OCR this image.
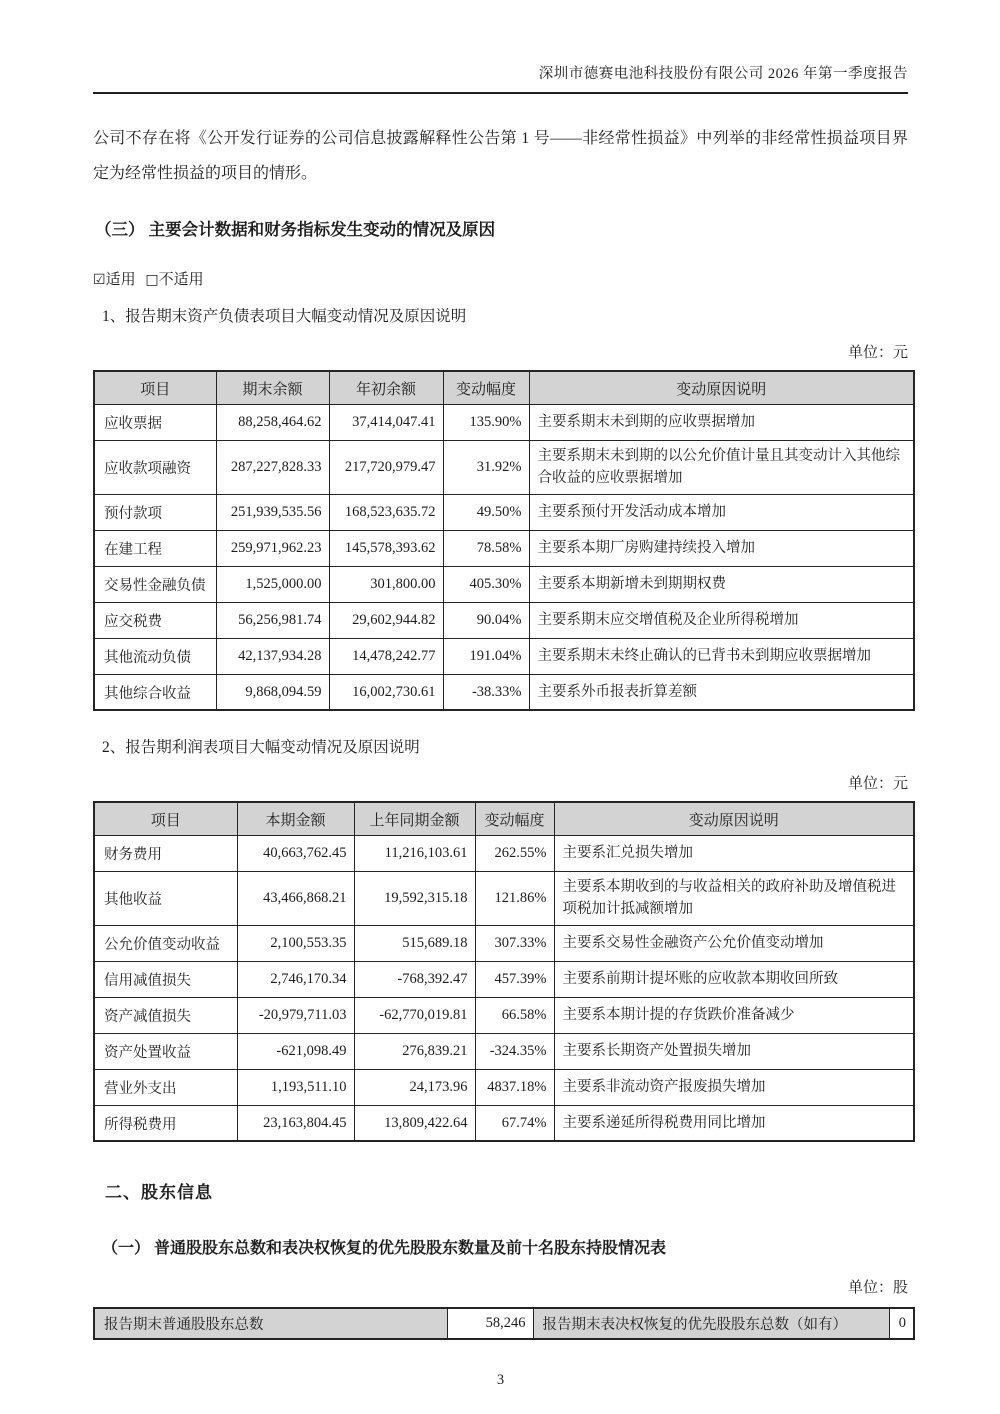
深圳市德赛电池科技股份有限公司 2026 年第一季度报告

公司不存在将《公开发行证券的公司信息披露解释性公告第 1 号——非经常性损益》中列举的非经常性损益项目界定为经常性损益的项目的情形。

（三） 主要会计数据和财务指标发生变动的情况及原因
☑适用 □不适用
1、报告期末资产负债表项目大幅变动情况及原因说明
单位：元
项目	期末余额	年初余额	变动幅度	变动原因说明
应收票据	88,258,464.62	37,414,047.41	135.90%	主要系期末未到期的应收票据增加
应收款项融资	287,227,828.33	217,720,979.47	31.92%	主要系期末未到期的以公允价值计量且其变动计入其他综合收益的应收票据增加
预付款项	251,939,535.56	168,523,635.72	49.50%	主要系预付开发活动成本增加
在建工程	259,971,962.23	145,578,393.62	78.58%	主要系本期厂房购建持续投入增加
交易性金融负债	1,525,000.00	301,800.00	405.30%	主要系本期新增未到期期权费
应交税费	56,256,981.74	29,602,944.82	90.04%	主要系期末应交增值税及企业所得税增加
其他流动负债	42,137,934.28	14,478,242.77	191.04%	主要系期末未终止确认的已背书未到期应收票据增加
其他综合收益	9,868,094.59	16,002,730.61	-38.33%	主要系外币报表折算差额
2、报告期利润表项目大幅变动情况及原因说明
单位：元
项目	本期金额	上年同期金额	变动幅度	变动原因说明
财务费用	40,663,762.45	11,216,103.61	262.55%	主要系汇兑损失增加
其他收益	43,466,868.21	19,592,315.18	121.86%	主要系本期收到的与收益相关的政府补助及增值税进项税加计抵减额增加
公允价值变动收益	2,100,553.35	515,689.18	307.33%	主要系交易性金融资产公允价值变动增加
信用减值损失	2,746,170.34	-768,392.47	457.39%	主要系前期计提坏账的应收款本期收回所致
资产减值损失	-20,979,711.03	-62,770,019.81	66.58%	主要系本期计提的存货跌价准备减少
资产处置收益	-621,098.49	276,839.21	-324.35%	主要系长期资产处置损失增加
营业外支出	1,193,511.10	24,173.96	4837.18%	主要系非流动资产报废损失增加
所得税费用	23,163,804.45	13,809,422.64	67.74%	主要系递延所得税费用同比增加
二、股东信息
（一） 普通股股东总数和表决权恢复的优先股股东数量及前十名股东持股情况表
单位：股
报告期末普通股股东总数	58,246	报告期末表决权恢复的优先股股东总数（如有）	0
3
